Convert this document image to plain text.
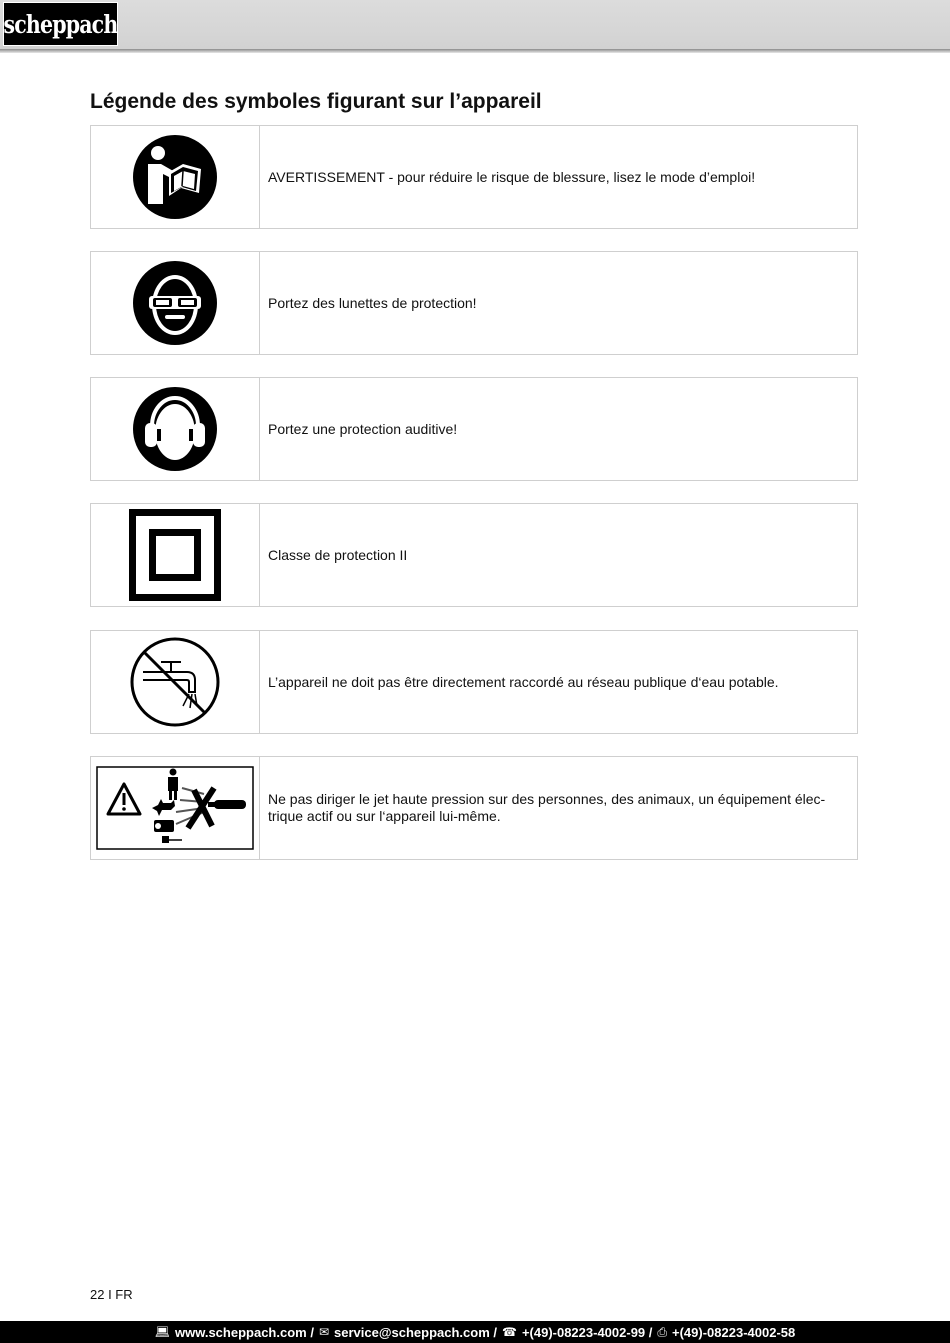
scheppach
Légende des symboles figurant sur l’appareil
AVERTISSEMENT - pour réduire le risque de blessure, lisez le mode d’emploi!
Portez des lunettes de protection!
Portez une protection auditive!
Classe de protection II
L’appareil ne doit pas être directement raccordé au réseau publique d‘eau potable.
Ne pas diriger le jet haute pression sur des personnes, des animaux, un équipement élec-trique actif ou sur l‘appareil lui-même.
22 I FR
💻︎ www.scheppach.com / ✉ service@scheppach.com / ☎ +(49)-08223-4002-99 / ⎙ +(49)-08223-4002-58
